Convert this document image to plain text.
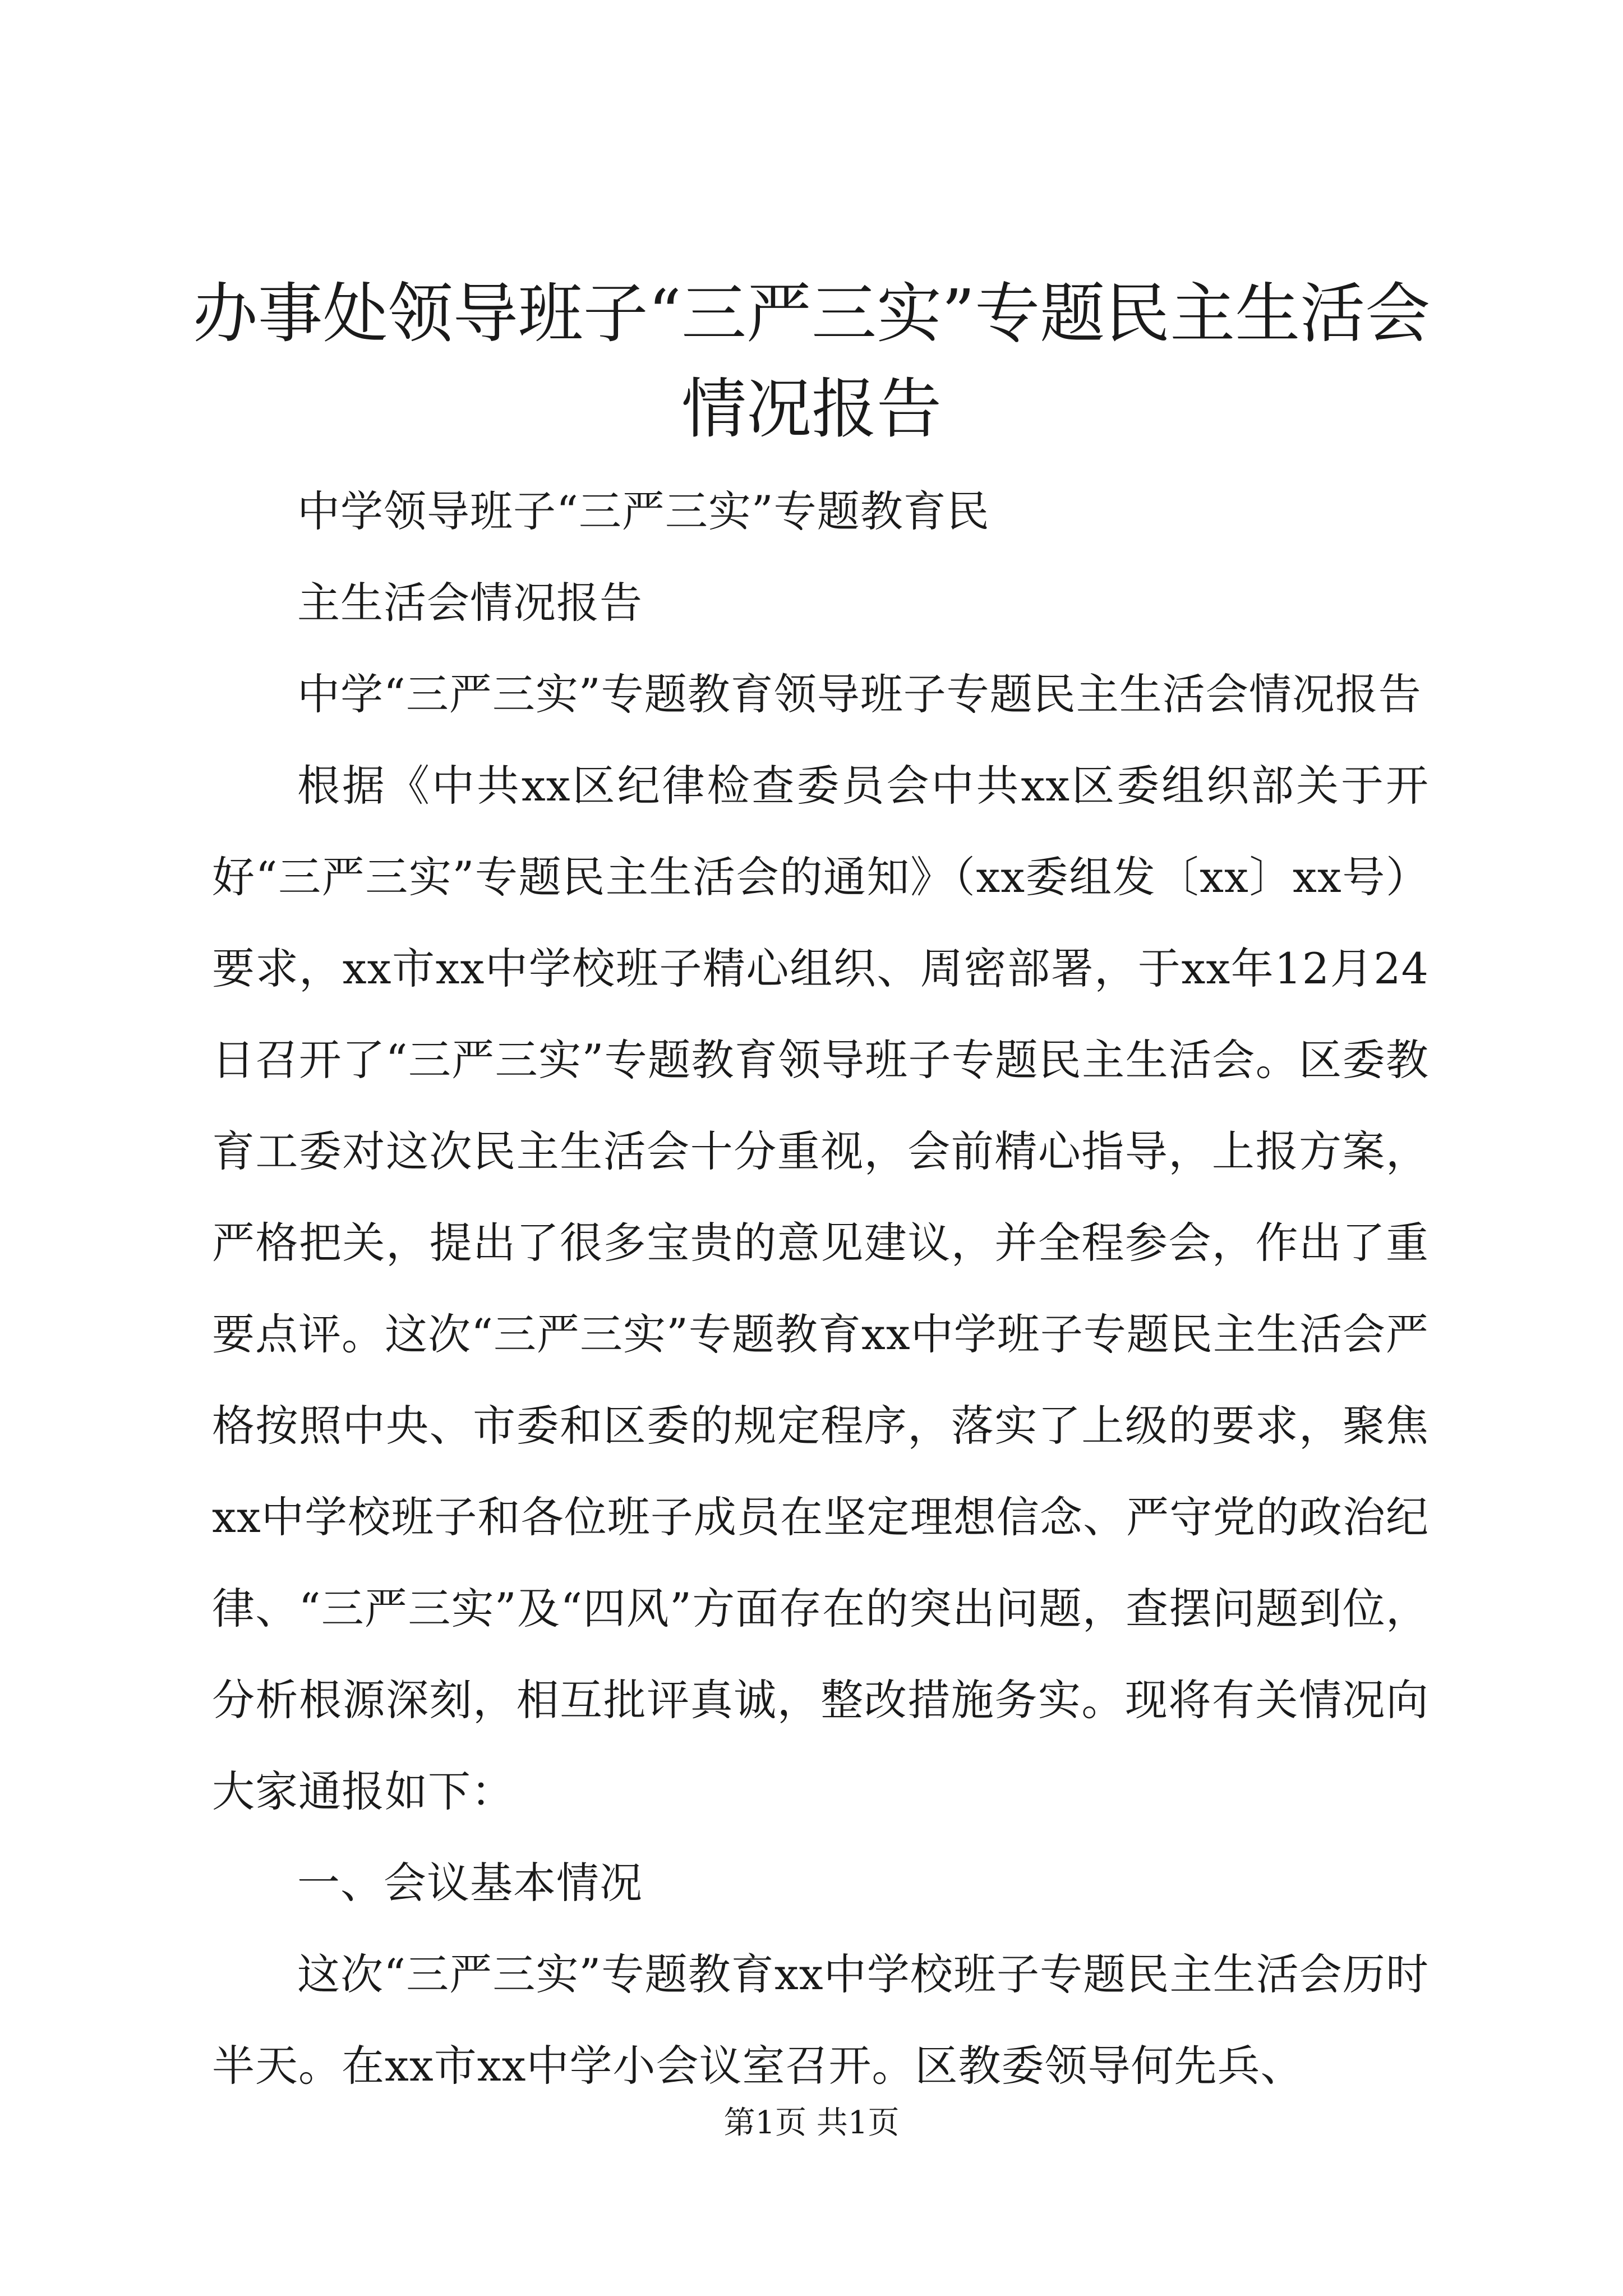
办事处领导班子“三严三实”专题民主生活会
情况报告

中学领导班子“三严三实”专题教育民

主生活会情况报告

中学“三严三实”专题教育领导班子专题民主生活会情况报告

根据《中共xx区纪律检查委员会中共xx区委组织部关于开好“三严三实”专题民主生活会的通知》（xx委组发〔xx〕xx号）要求，xx市xx中学校班子精心组织、周密部署，于xx年12月24日召开了“三严三实”专题教育领导班子专题民主生活会。区委教育工委对这次民主生活会十分重视，会前精心指导，上报方案，严格把关，提出了很多宝贵的意见建议，并全程参会，作出了重要点评。这次“三严三实”专题教育xx中学班子专题民主生活会严格按照中央、市委和区委的规定程序，落实了上级的要求，聚焦xx中学校班子和各位班子成员在坚定理想信念、严守党的政治纪律、“三严三实”及“四风”方面存在的突出问题，查摆问题到位，分析根源深刻，相互批评真诚，整改措施务实。现将有关情况向大家通报如下：

一、会议基本情况

这次“三严三实”专题教育xx中学校班子专题民主生活会历时半天。在xx市xx中学小会议室召开。区教委领导何先兵、

第1页 共1页
